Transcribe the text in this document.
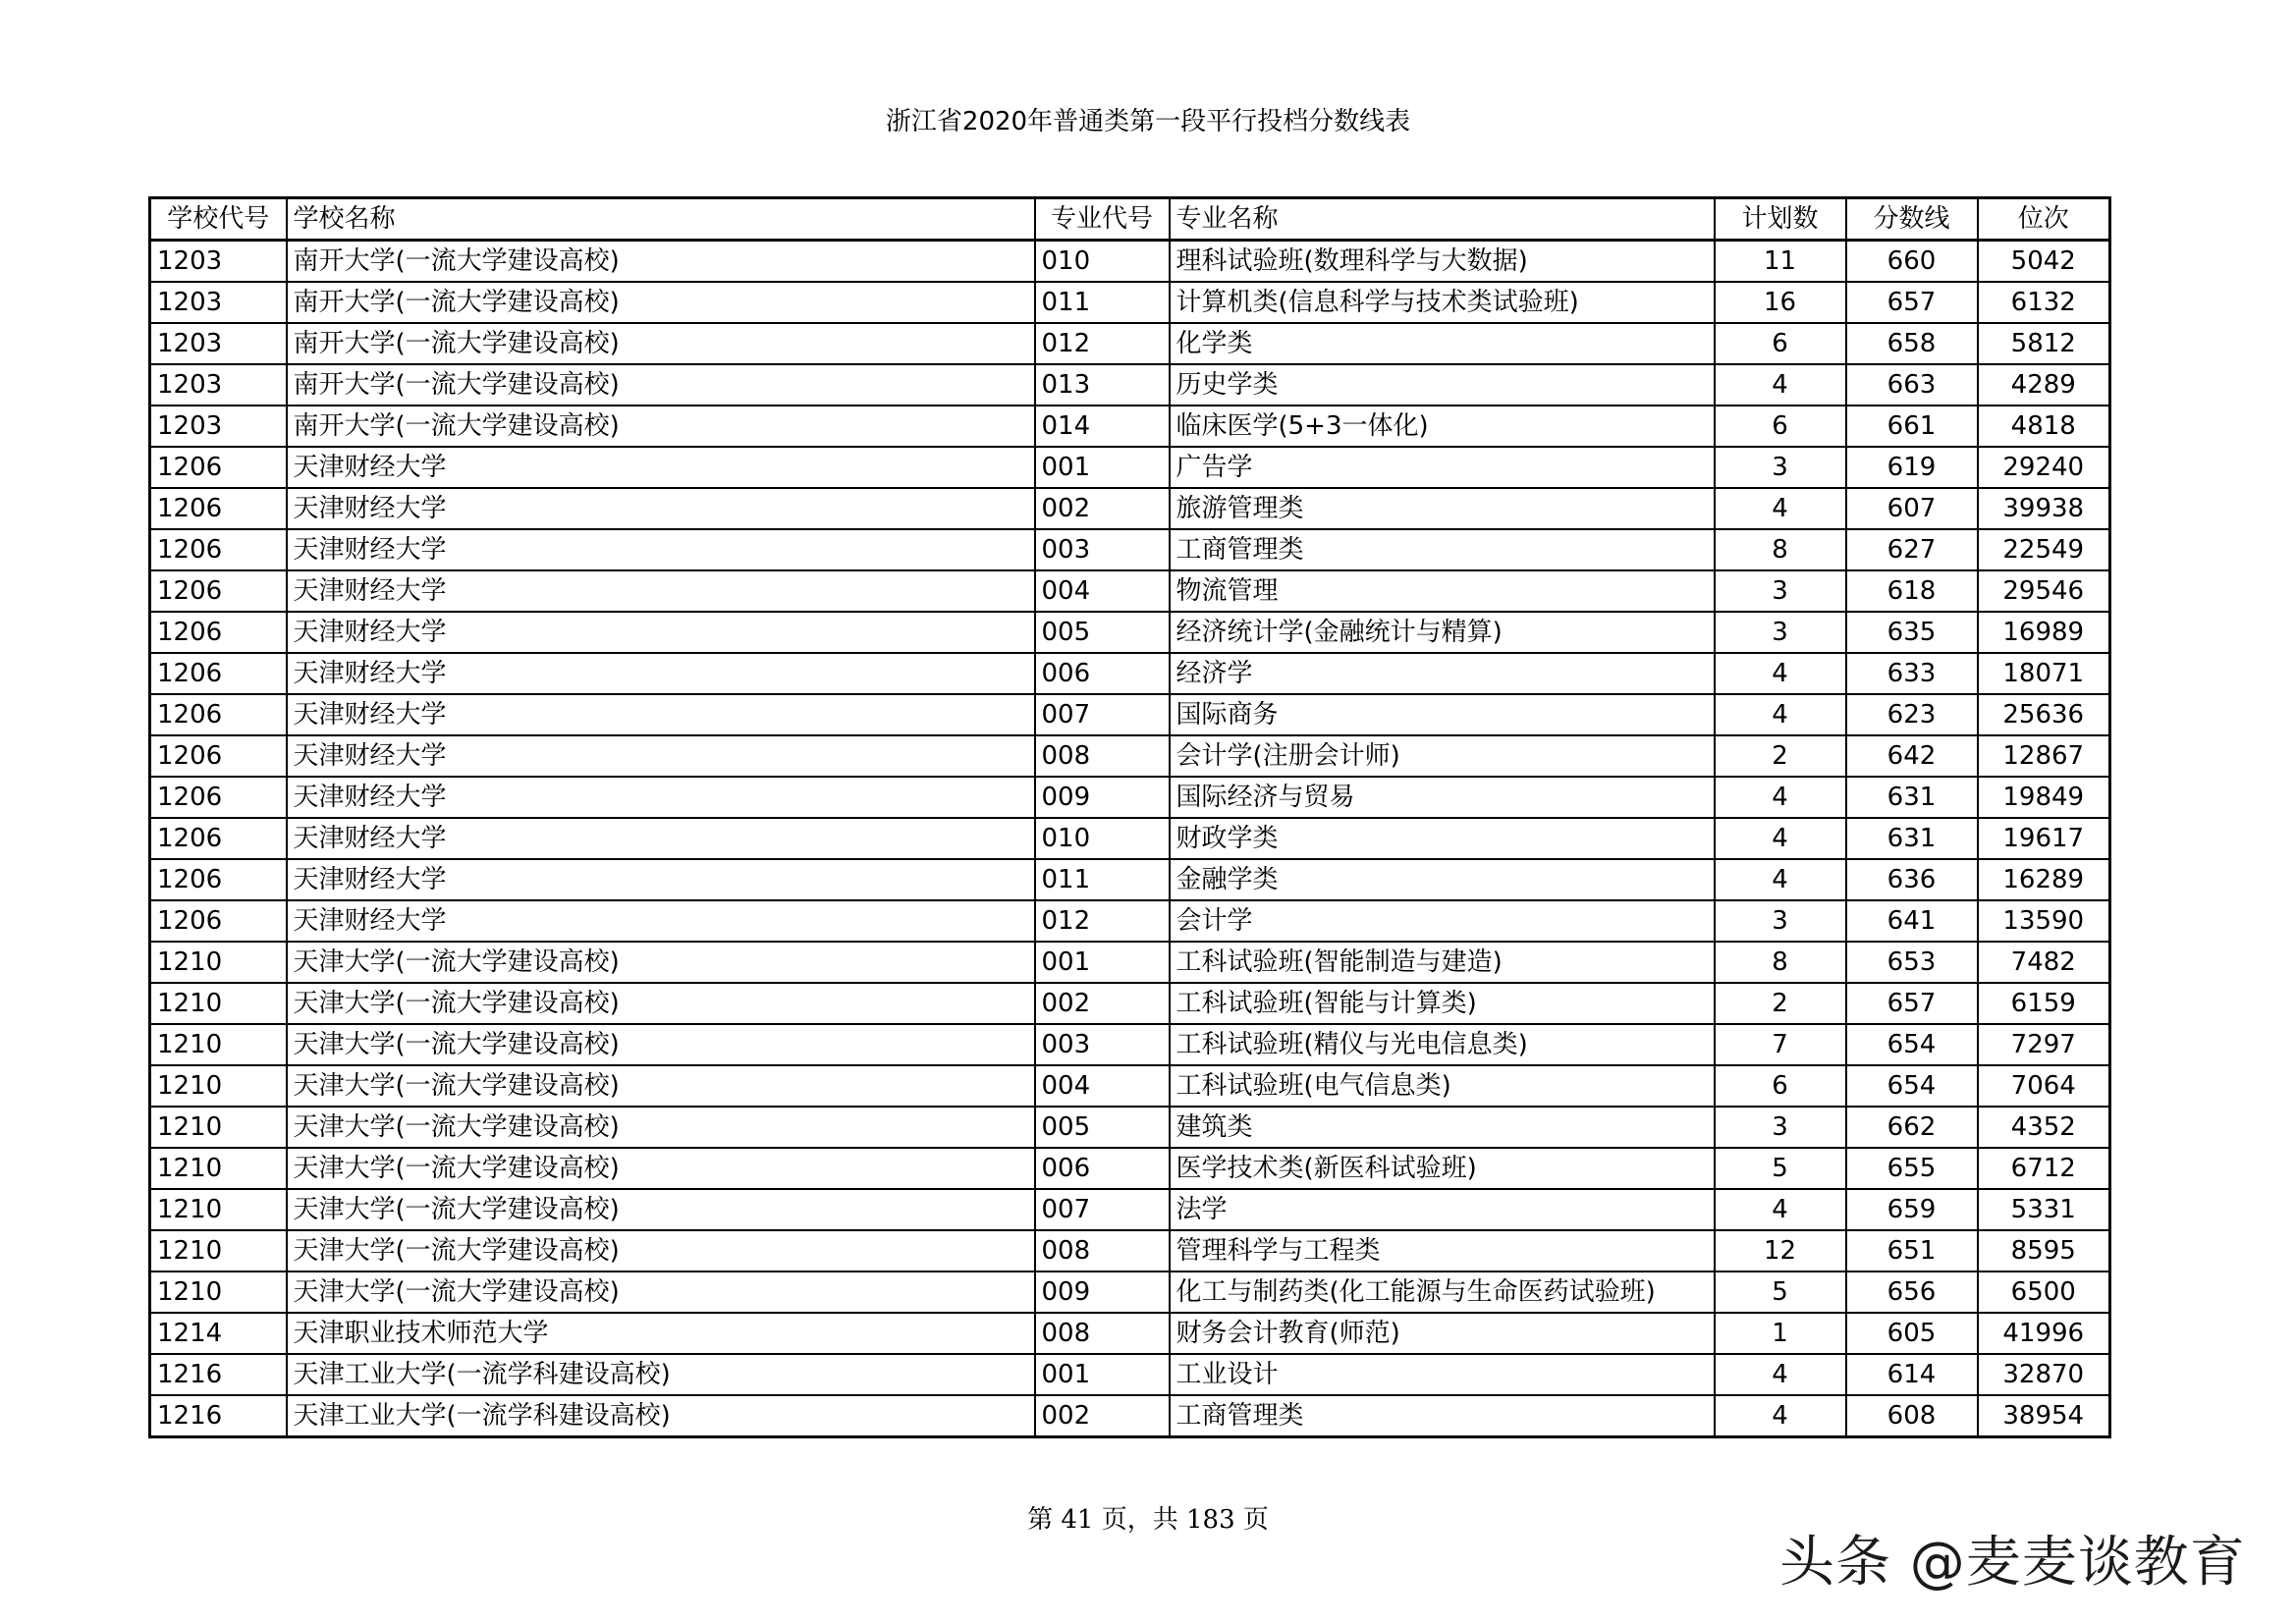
浙江省2020年普通类第一段平行投档分数线表
学校代号	学校名称	专业代号	专业名称	计划数	分数线	位次
1203	南开大学(一流大学建设高校)	010	理科试验班(数理科学与大数据)	11	660	5042
1203	南开大学(一流大学建设高校)	011	计算机类(信息科学与技术类试验班)	16	657	6132
1203	南开大学(一流大学建设高校)	012	化学类	6	658	5812
1203	南开大学(一流大学建设高校)	013	历史学类	4	663	4289
1203	南开大学(一流大学建设高校)	014	临床医学(5+3一体化)	6	661	4818
1206	天津财经大学	001	广告学	3	619	29240
1206	天津财经大学	002	旅游管理类	4	607	39938
1206	天津财经大学	003	工商管理类	8	627	22549
1206	天津财经大学	004	物流管理	3	618	29546
1206	天津财经大学	005	经济统计学(金融统计与精算)	3	635	16989
1206	天津财经大学	006	经济学	4	633	18071
1206	天津财经大学	007	国际商务	4	623	25636
1206	天津财经大学	008	会计学(注册会计师)	2	642	12867
1206	天津财经大学	009	国际经济与贸易	4	631	19849
1206	天津财经大学	010	财政学类	4	631	19617
1206	天津财经大学	011	金融学类	4	636	16289
1206	天津财经大学	012	会计学	3	641	13590
1210	天津大学(一流大学建设高校)	001	工科试验班(智能制造与建造)	8	653	7482
1210	天津大学(一流大学建设高校)	002	工科试验班(智能与计算类)	2	657	6159
1210	天津大学(一流大学建设高校)	003	工科试验班(精仪与光电信息类)	7	654	7297
1210	天津大学(一流大学建设高校)	004	工科试验班(电气信息类)	6	654	7064
1210	天津大学(一流大学建设高校)	005	建筑类	3	662	4352
1210	天津大学(一流大学建设高校)	006	医学技术类(新医科试验班)	5	655	6712
1210	天津大学(一流大学建设高校)	007	法学	4	659	5331
1210	天津大学(一流大学建设高校)	008	管理科学与工程类	12	651	8595
1210	天津大学(一流大学建设高校)	009	化工与制药类(化工能源与生命医药试验班)	5	656	6500
1214	天津职业技术师范大学	008	财务会计教育(师范)	1	605	41996
1216	天津工业大学(一流学科建设高校)	001	工业设计	4	614	32870
1216	天津工业大学(一流学科建设高校)	002	工商管理类	4	608	38954
第 41 页，共 183 页
头条 @麦麦谈教育
